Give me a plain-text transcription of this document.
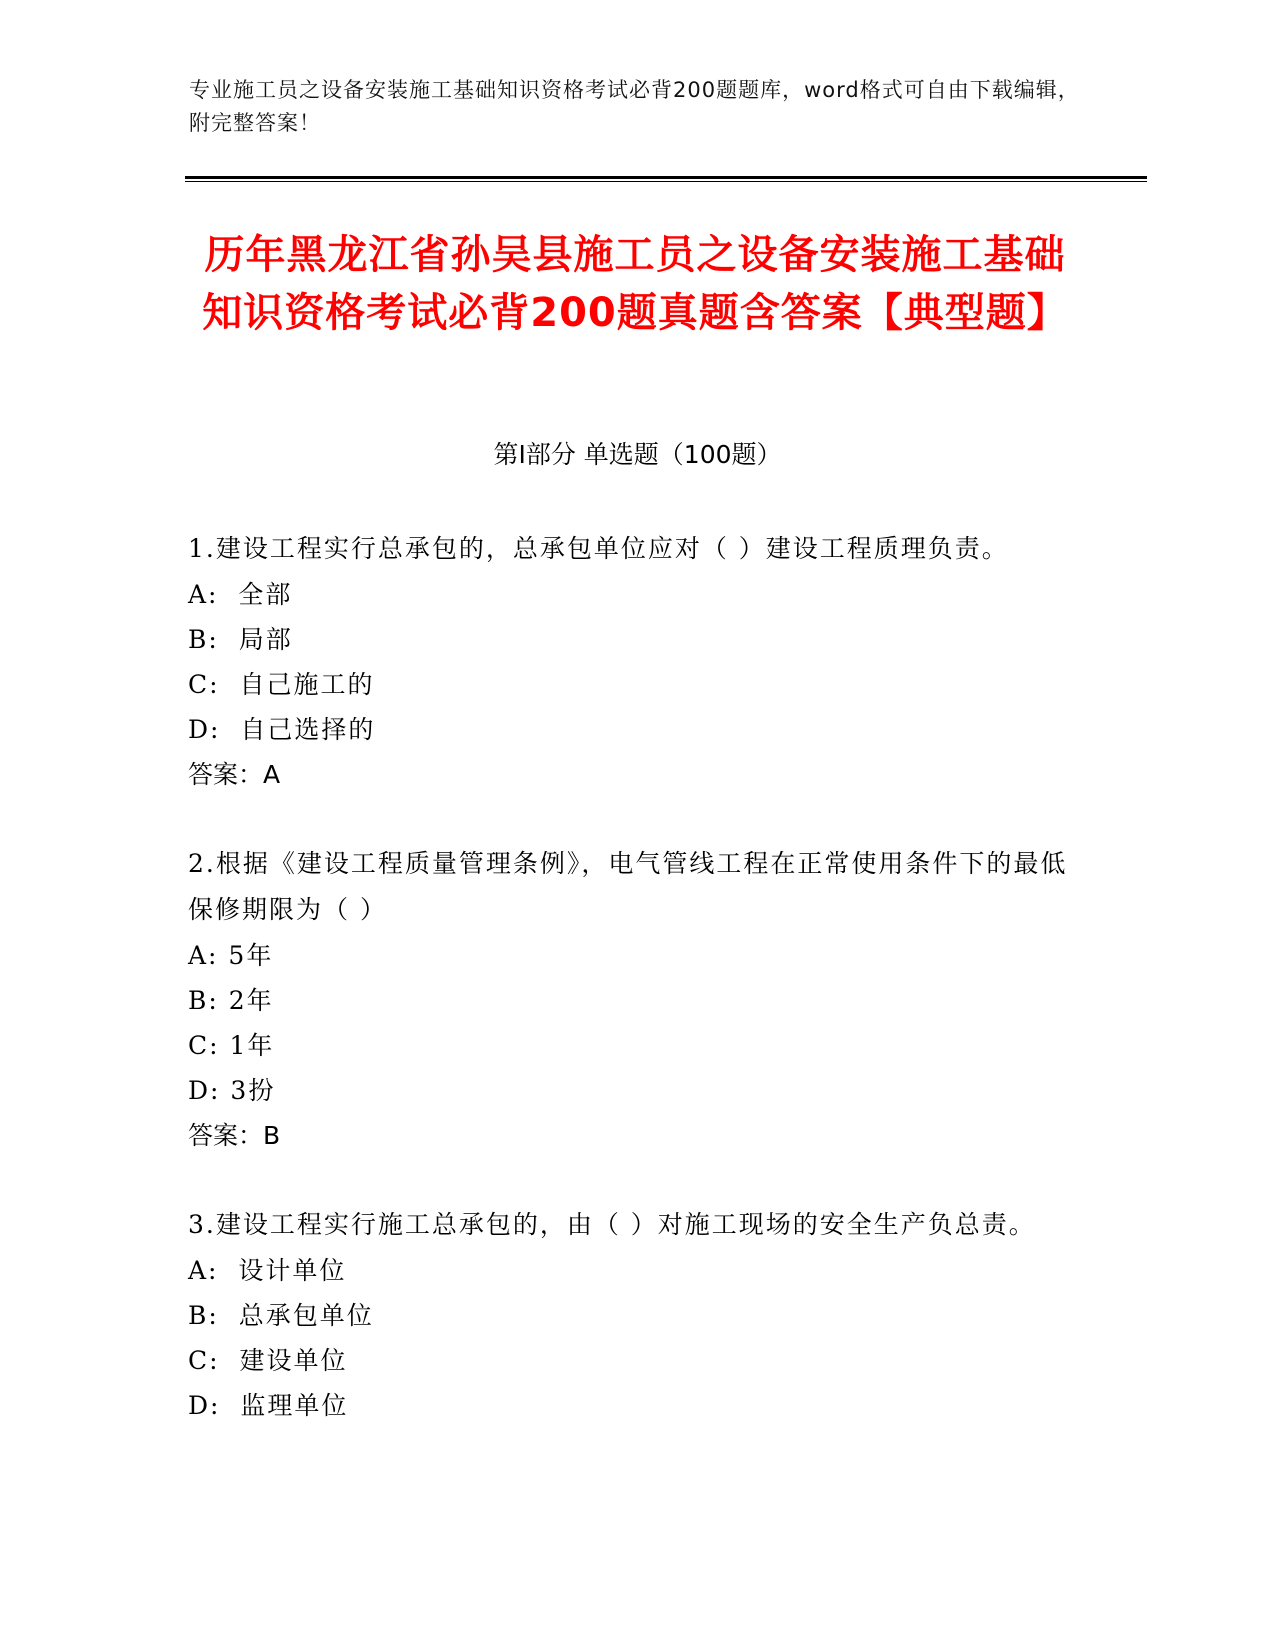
专业施工员之设备安装施工基础知识资格考试必背200题题库，word格式可自由下载编辑，附完整答案！
历年黑龙江省孙吴县施工员之设备安装施工基础知识资格考试必背200题真题含答案【典型题】
第I部分 单选题（100题）

1.建设工程实行总承包的，总承包单位应对（ ）建设工程质理负责。

A:  全部
B:  局部
C:  自己施工的
D:  自己选择的
答案：A

2.根据《建设工程质量管理条例》，电气管线工程在正常使用条件下的最低保修期限为（ ）

A: 5年
B: 2年
C: 1年
D: 3扮
答案：B

3.建设工程实行施工总承包的，由（ ）对施工现场的安全生产负总责。

A:  设计单位
B:  总承包单位
C:  建设单位
D:  监理单位
